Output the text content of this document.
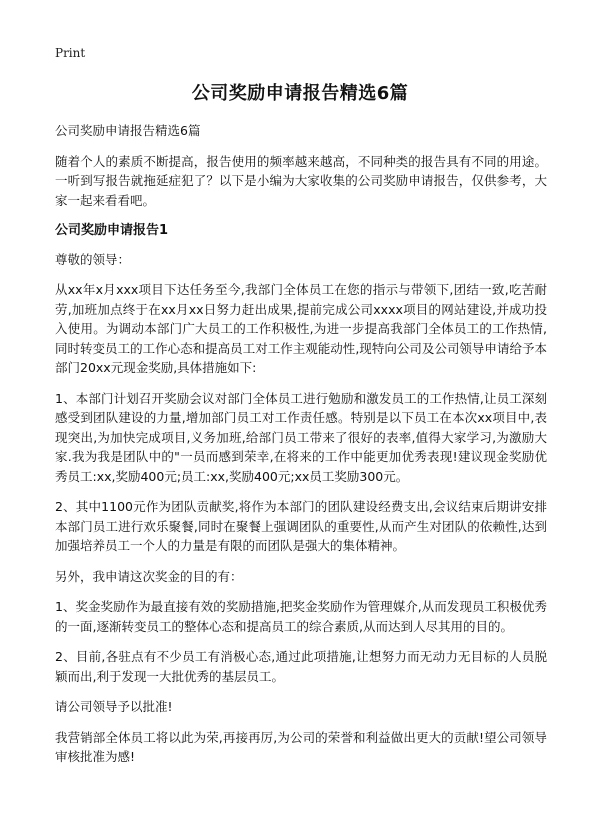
Print
公司奖励申请报告精选6篇

公司奖励申请报告精选6篇

随着个人的素质不断提高，报告使用的频率越来越高，不同种类的报告具有不同的用途。一听到写报告就拖延症犯了？以下是小编为大家收集的公司奖励申请报告，仅供参考，大家一起来看看吧。

公司奖励申请报告1

尊敬的领导：

从xx年x月xxx项目下达任务至今,我部门全体员工在您的指示与带领下,团结一致,吃苦耐劳,加班加点终于在xx月xx日努力赶出成果,提前完成公司xxxx项目的网站建设,并成功投入使用。为调动本部门广大员工的工作积极性,为进一步提高我部门全体员工的工作热情,同时转变员工的工作心态和提高员工对工作主观能动性,现特向公司及公司领导申请给予本部门20xx元现金奖励,具体措施如下:

1、本部门计划召开奖励会议对部门全体员工进行勉励和激发员工的工作热情,让员工深刻感受到团队建设的力量,增加部门员工对工作责任感。特别是以下员工在本次xx项目中,表现突出,为加快完成项目,义务加班,给部门员工带来了很好的表率,值得大家学习,为激励大家.我为我是团队中的"一员而感到荣幸,在将来的工作中能更加优秀表现!建议现金奖励优秀员工:xx,奖励400元;员工:xx,奖励400元;xx员工奖励300元。

2、其中1100元作为团队贡献奖,将作为本部门的团队建设经费支出,会议结束后期讲安排本部门员工进行欢乐聚餐,同时在聚餐上强调团队的重要性,从而产生对团队的依赖性,达到加强培养员工一个人的力量是有限的而团队是强大的集体精神。

另外，我申请这次奖金的目的有：

1、奖金奖励作为最直接有效的奖励措施,把奖金奖励作为管理媒介,从而发现员工积极优秀的一面,逐渐转变员工的整体心态和提高员工的综合素质,从而达到人尽其用的目的。

2、目前,各驻点有不少员工有消极心态,通过此项措施,让想努力而无动力无目标的人员脱颖而出,利于发现一大批优秀的基层员工。

请公司领导予以批准!

我营销部全体员工将以此为荣,再接再厉,为公司的荣誉和利益做出更大的贡献!望公司领导审核批准为感!
